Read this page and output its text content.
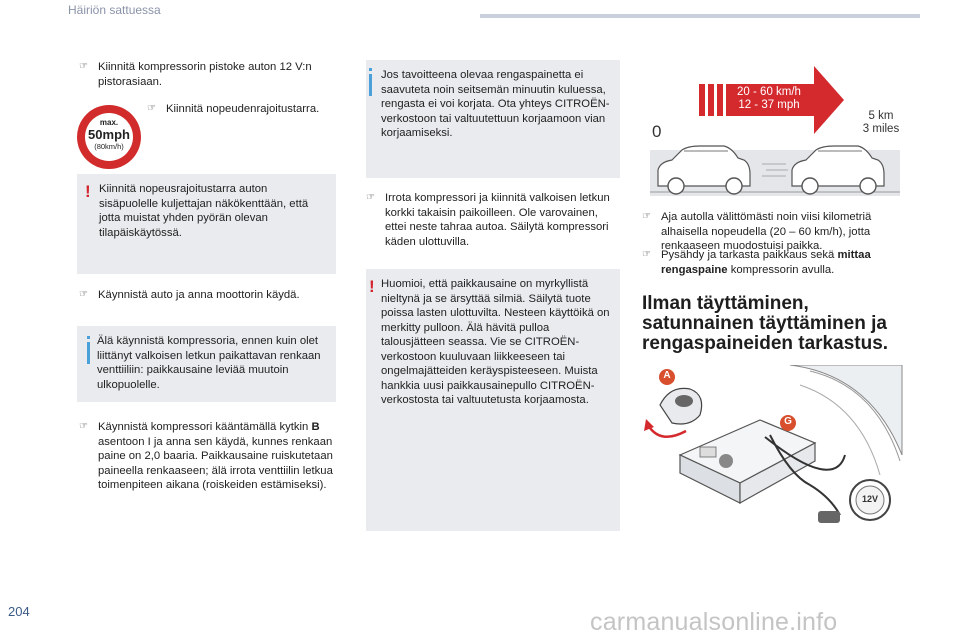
Häiriön sattuessa
☞ Kiinnitä kompressorin pistoke auton 12 V:n pistorasiaan.
max.
50mph
(80km/h)
☞ Kiinnitä nopeudenrajoitustarra.
! Kiinnitä nopeusrajoitustarra auton sisäpuolelle kuljettajan näkökenttään, että jotta muistat yhden pyörän olevan tilapäiskäytössä.
☞ Käynnistä auto ja anna moottorin käydä.
Älä käynnistä kompressoria, ennen kuin olet liittänyt valkoisen letkun paikattavan renkaan venttiiliin: paikkausaine leviää muutoin ulkopuolelle.
☞ Käynnistä kompressori kääntämällä kytkin B asentoon I ja anna sen käydä, kunnes renkaan paine on 2,0 baaria. Paikkausaine ruiskutetaan paineella renkaaseen; älä irrota venttiilin letkua toimenpiteen aikana (roiskeiden estämiseksi).
Jos tavoitteena olevaa rengaspainetta ei saavuteta noin seitsemän minuutin kuluessa, rengasta ei voi korjata. Ota yhteys CITROËN-verkostoon tai valtuutettuun korjaamoon vian korjaamiseksi.
☞ Irrota kompressori ja kiinnitä valkoisen letkun korkki takaisin paikoilleen. Ole varovainen, ettei neste tahraa autoa. Säilytä kompressori käden ulottuvilla.
! Huomioi, että paikkausaine on myrkyllistä nieltynä ja se ärsyttää silmiä. Säilytä tuote poissa lasten ulottuvilta. Nesteen käyttöikä on merkitty pulloon. Älä hävitä pulloa talousjätteen seassa. Vie se CITROËN-verkostoon kuuluvaan liikkeeseen tai ongelmajätteiden keräyspisteeseen. Muista hankkia uusi paikkausainepullo CITROËN-verkostosta tai valtuutetusta korjaamosta.
20 - 60 km/h
12 - 37 mph
0
5 km
3 miles
☞ Aja autolla välittömästi noin viisi kilometriä alhaisella nopeudella (20 – 60 km/h), jotta renkaaseen muodostuisi paikka.
☞ Pysähdy ja tarkasta paikkaus sekä mittaa rengaspaine kompressorin avulla.
Ilman täyttäminen, satunnainen täyttäminen ja rengaspaineiden tarkastus.
A
G
12V
204	carmanualsonline.info
